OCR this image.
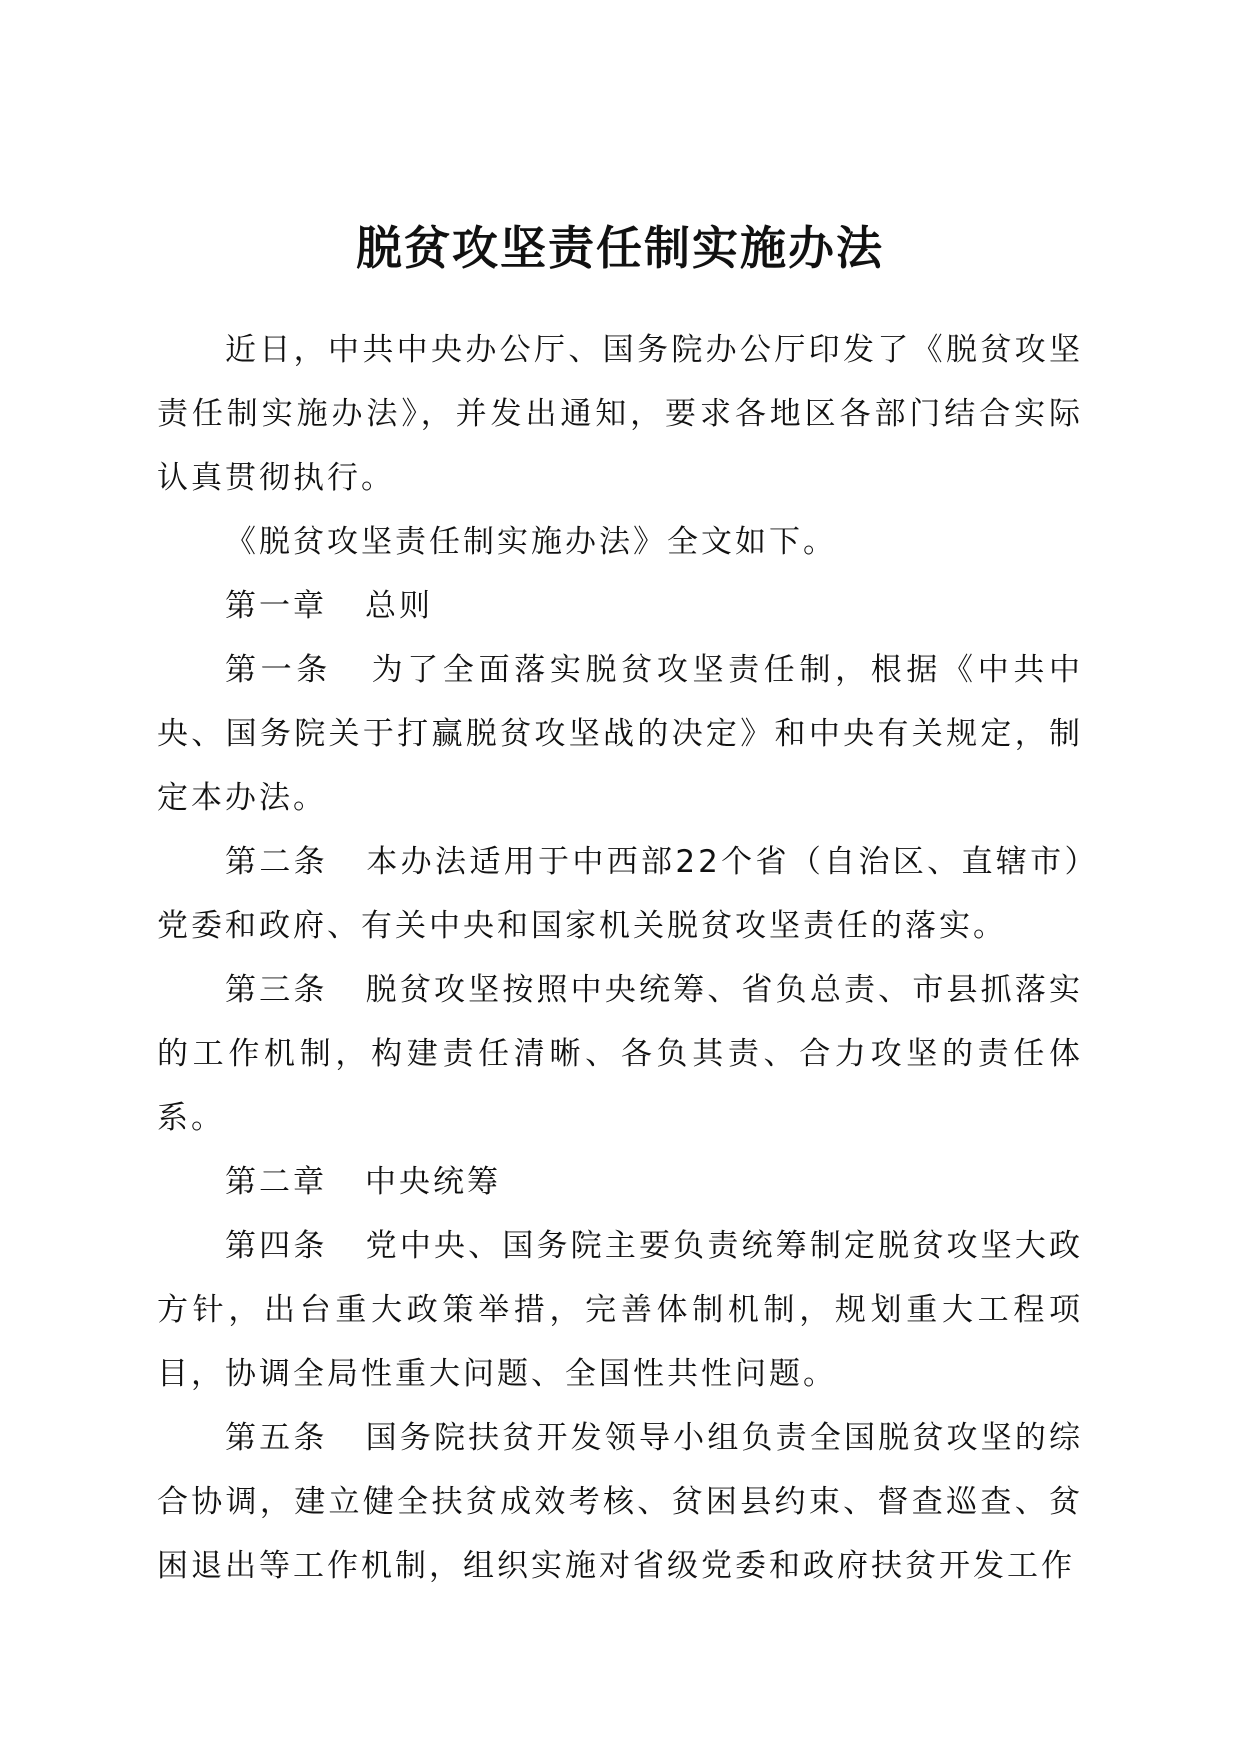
脱贫攻坚责任制实施办法

近日，中共中央办公厅、国务院办公厅印发了《脱贫攻坚责任制实施办法》，并发出通知，要求各地区各部门结合实际认真贯彻执行。

《脱贫攻坚责任制实施办法》全文如下。

第一章 总则

第一条 为了全面落实脱贫攻坚责任制，根据《中共中央、国务院关于打赢脱贫攻坚战的决定》和中央有关规定，制定本办法。

第二条 本办法适用于中西部22个省（自治区、直辖市）党委和政府、有关中央和国家机关脱贫攻坚责任的落实。

第三条 脱贫攻坚按照中央统筹、省负总责、市县抓落实的工作机制，构建责任清晰、各负其责、合力攻坚的责任体系。

第二章 中央统筹

第四条 党中央、国务院主要负责统筹制定脱贫攻坚大政方针，出台重大政策举措，完善体制机制，规划重大工程项目，协调全局性重大问题、全国性共性问题。

第五条 国务院扶贫开发领导小组负责全国脱贫攻坚的综合协调，建立健全扶贫成效考核、贫困县约束、督查巡查、贫困退出等工作机制，组织实施对省级党委和政府扶贫开发工作
